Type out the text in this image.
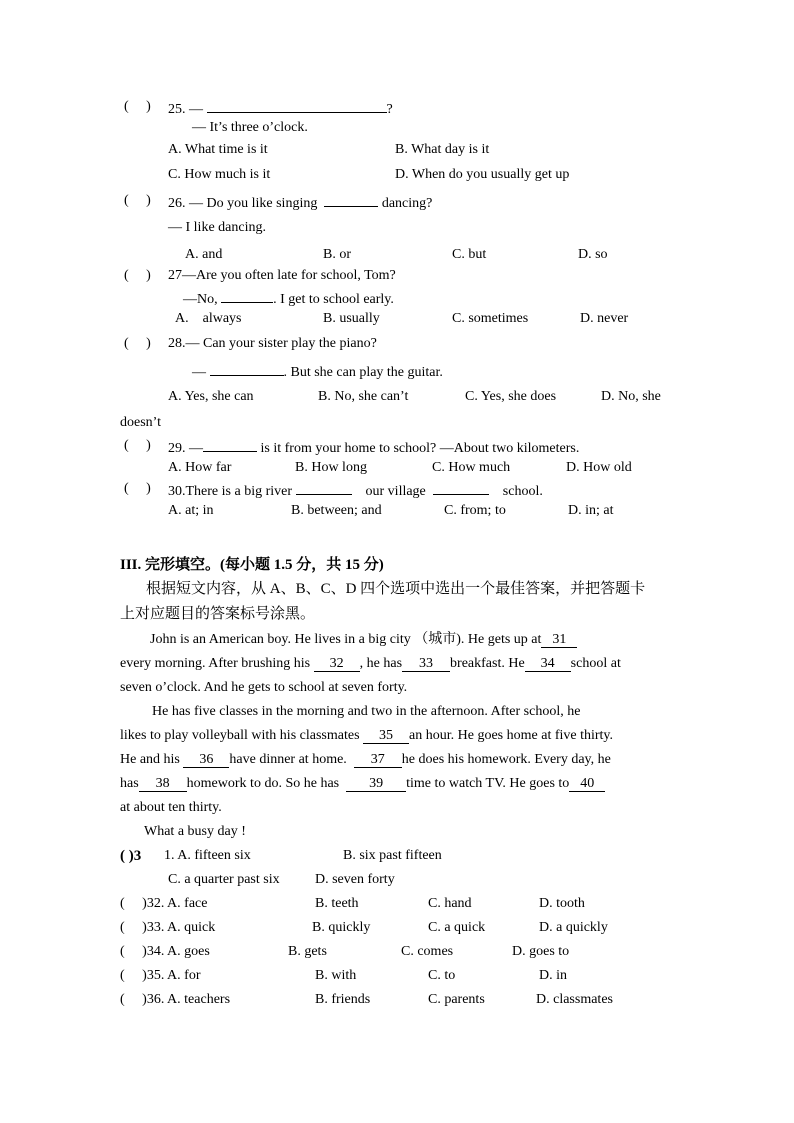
(　 ) 25. —	?
— It’s three o’clock.
A. What time is it	B. What day is it
C. How much is it	D. When do you usually get up
(　 ) 26. — Do you like singing	dancing?
— I like dancing.
A. and	B. or	C. but	D. so
(　 ) 27—Are you often late for school, Tom?
—No,	. I get to school early.
A. always	B. usually	C. sometimes	D. never
(　 ) 28.— Can your sister play the piano?
—	. But she can play the guitar.
A. Yes, she can	B. No, she can’t	C. Yes, she does	D. No, she
doesn’t
(　 ) 29. —	is it from your home to school? —About two kilometers.
A. How far	B. How long	C. How much	D. How old
(　 ) 30.There is a big river	our village	school.
A. at; in	B. between; and	C. from; to	D. in; at
III. 完形填空。(每小题 1.5 分，共 15 分)
根据短文内容，从 A、B、C、D 四个选项中选出一个最佳答案，并把答题卡
上对应题目的答案标号涂黑。
John is an American boy. He lives in a big city （城市). He gets up at 31
every morning. After brushing his 32 , he has 33 breakfast. He 34 school at
seven o’clock. And he gets to school at seven forty.
He has five classes in the morning and two in the afternoon. After school, he
likes to play volleyball with his classmates 35 an hour. He goes home at five thirty.
He and his 36 have dinner at home. 37 he does his homework. Every day, he
has 38 homework to do. So he has 39 time to watch TV. He goes to 40
at about ten thirty.
What a busy day !
( )3 1. A. fifteen six	B. six past fifteen
C. a quarter past six	D. seven forty
(　 )32. A. face	B. teeth	C. hand	D. tooth
(　 )33. A. quick	B. quickly	C. a quick	D. a quickly
(　 )34. A. goes	B. gets	C. comes	D. goes to
(　 )35. A. for	B. with	C. to	D. in
(　 )36. A. teachers	B. friends	C. parents	D. classmates
